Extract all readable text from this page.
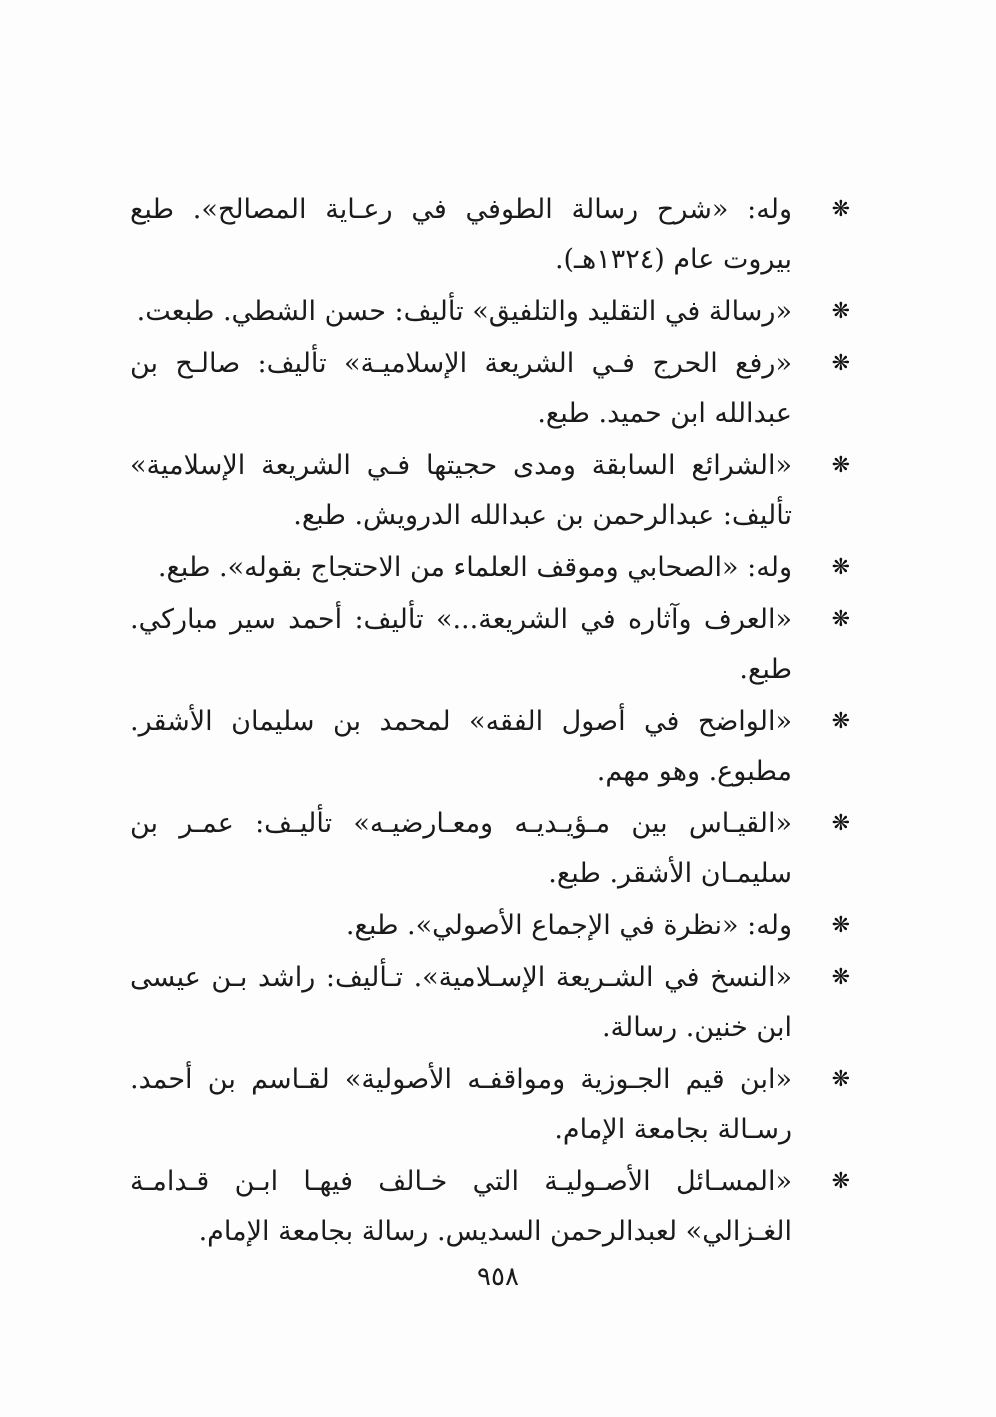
❋
وله: «شرح رسالة الطوفي في رعـاية المصالح». طبع بيروت عام (١٣٢٤هـ).
❋
«رسالة في التقليد والتلفيق» تأليف: حسن الشطي. طبعت.
❋
«رفع الحرج فـي الشريعة الإسلاميـة» تأليف: صالـح بن عبدالله ابن حميد. طبع.
❋
«الشرائع السابقة ومدى حجيتها فـي الشريعة الإسلامية» تأليف: عبدالرحمن بن عبدالله الدرويش. طبع.
❋
وله: «الصحابي وموقف العلماء من الاحتجاج بقوله». طبع.
❋
«العرف وآثاره في الشريعة...» تأليف: أحمد سير مباركي. طبع.
❋
«الواضح في أصول الفقه» لمحمد بن سليمان الأشقر. مطبوع. وهو مهم.
❋
«القيـاس بين مـؤيـديـه ومعـارضيـه» تأليـف: عمـر بن سليمـان الأشقر. طبع.
❋
وله: «نظرة في الإجماع الأصولي». طبع.
❋
«النسخ في الشـريعة الإسـلامية». تـأليف: راشد بـن عيسى ابن خنين. رسالة.
❋
«ابن قيم الجـوزية ومواقفـه الأصولية» لقـاسم بن أحمد. رسـالة بجامعة الإمام.
❋
«المسـائل الأصـوليـة التي خـالف فيهـا ابـن قـدامـة الغـزالي» لعبدالرحمن السديس. رسالة بجامعة الإمام.
٩٥٨
